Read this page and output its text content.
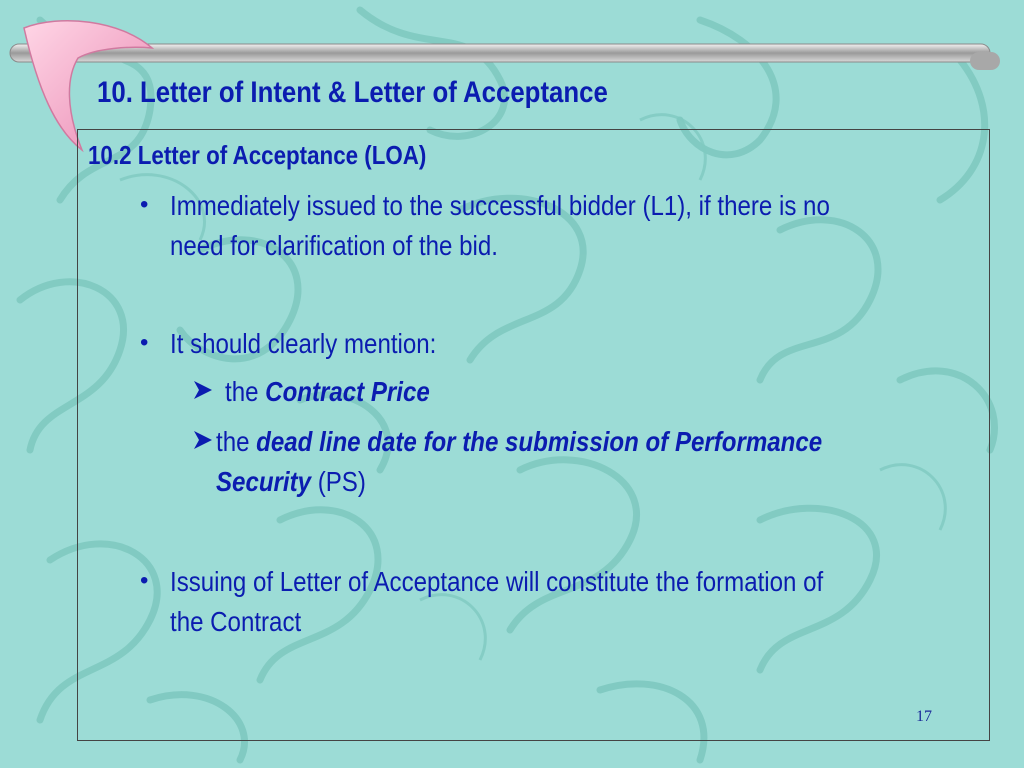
10. Letter of Intent & Letter of Acceptance
10.2 Letter of Acceptance (LOA)
• Immediately issued to the successful bidder (L1), if there is no
need for clarification of the bid.
• It should clearly mention:
the Contract Price
the dead line date for the submission of Performance
Security (PS)
• Issuing of Letter of Acceptance will constitute the formation of
the Contract
17
